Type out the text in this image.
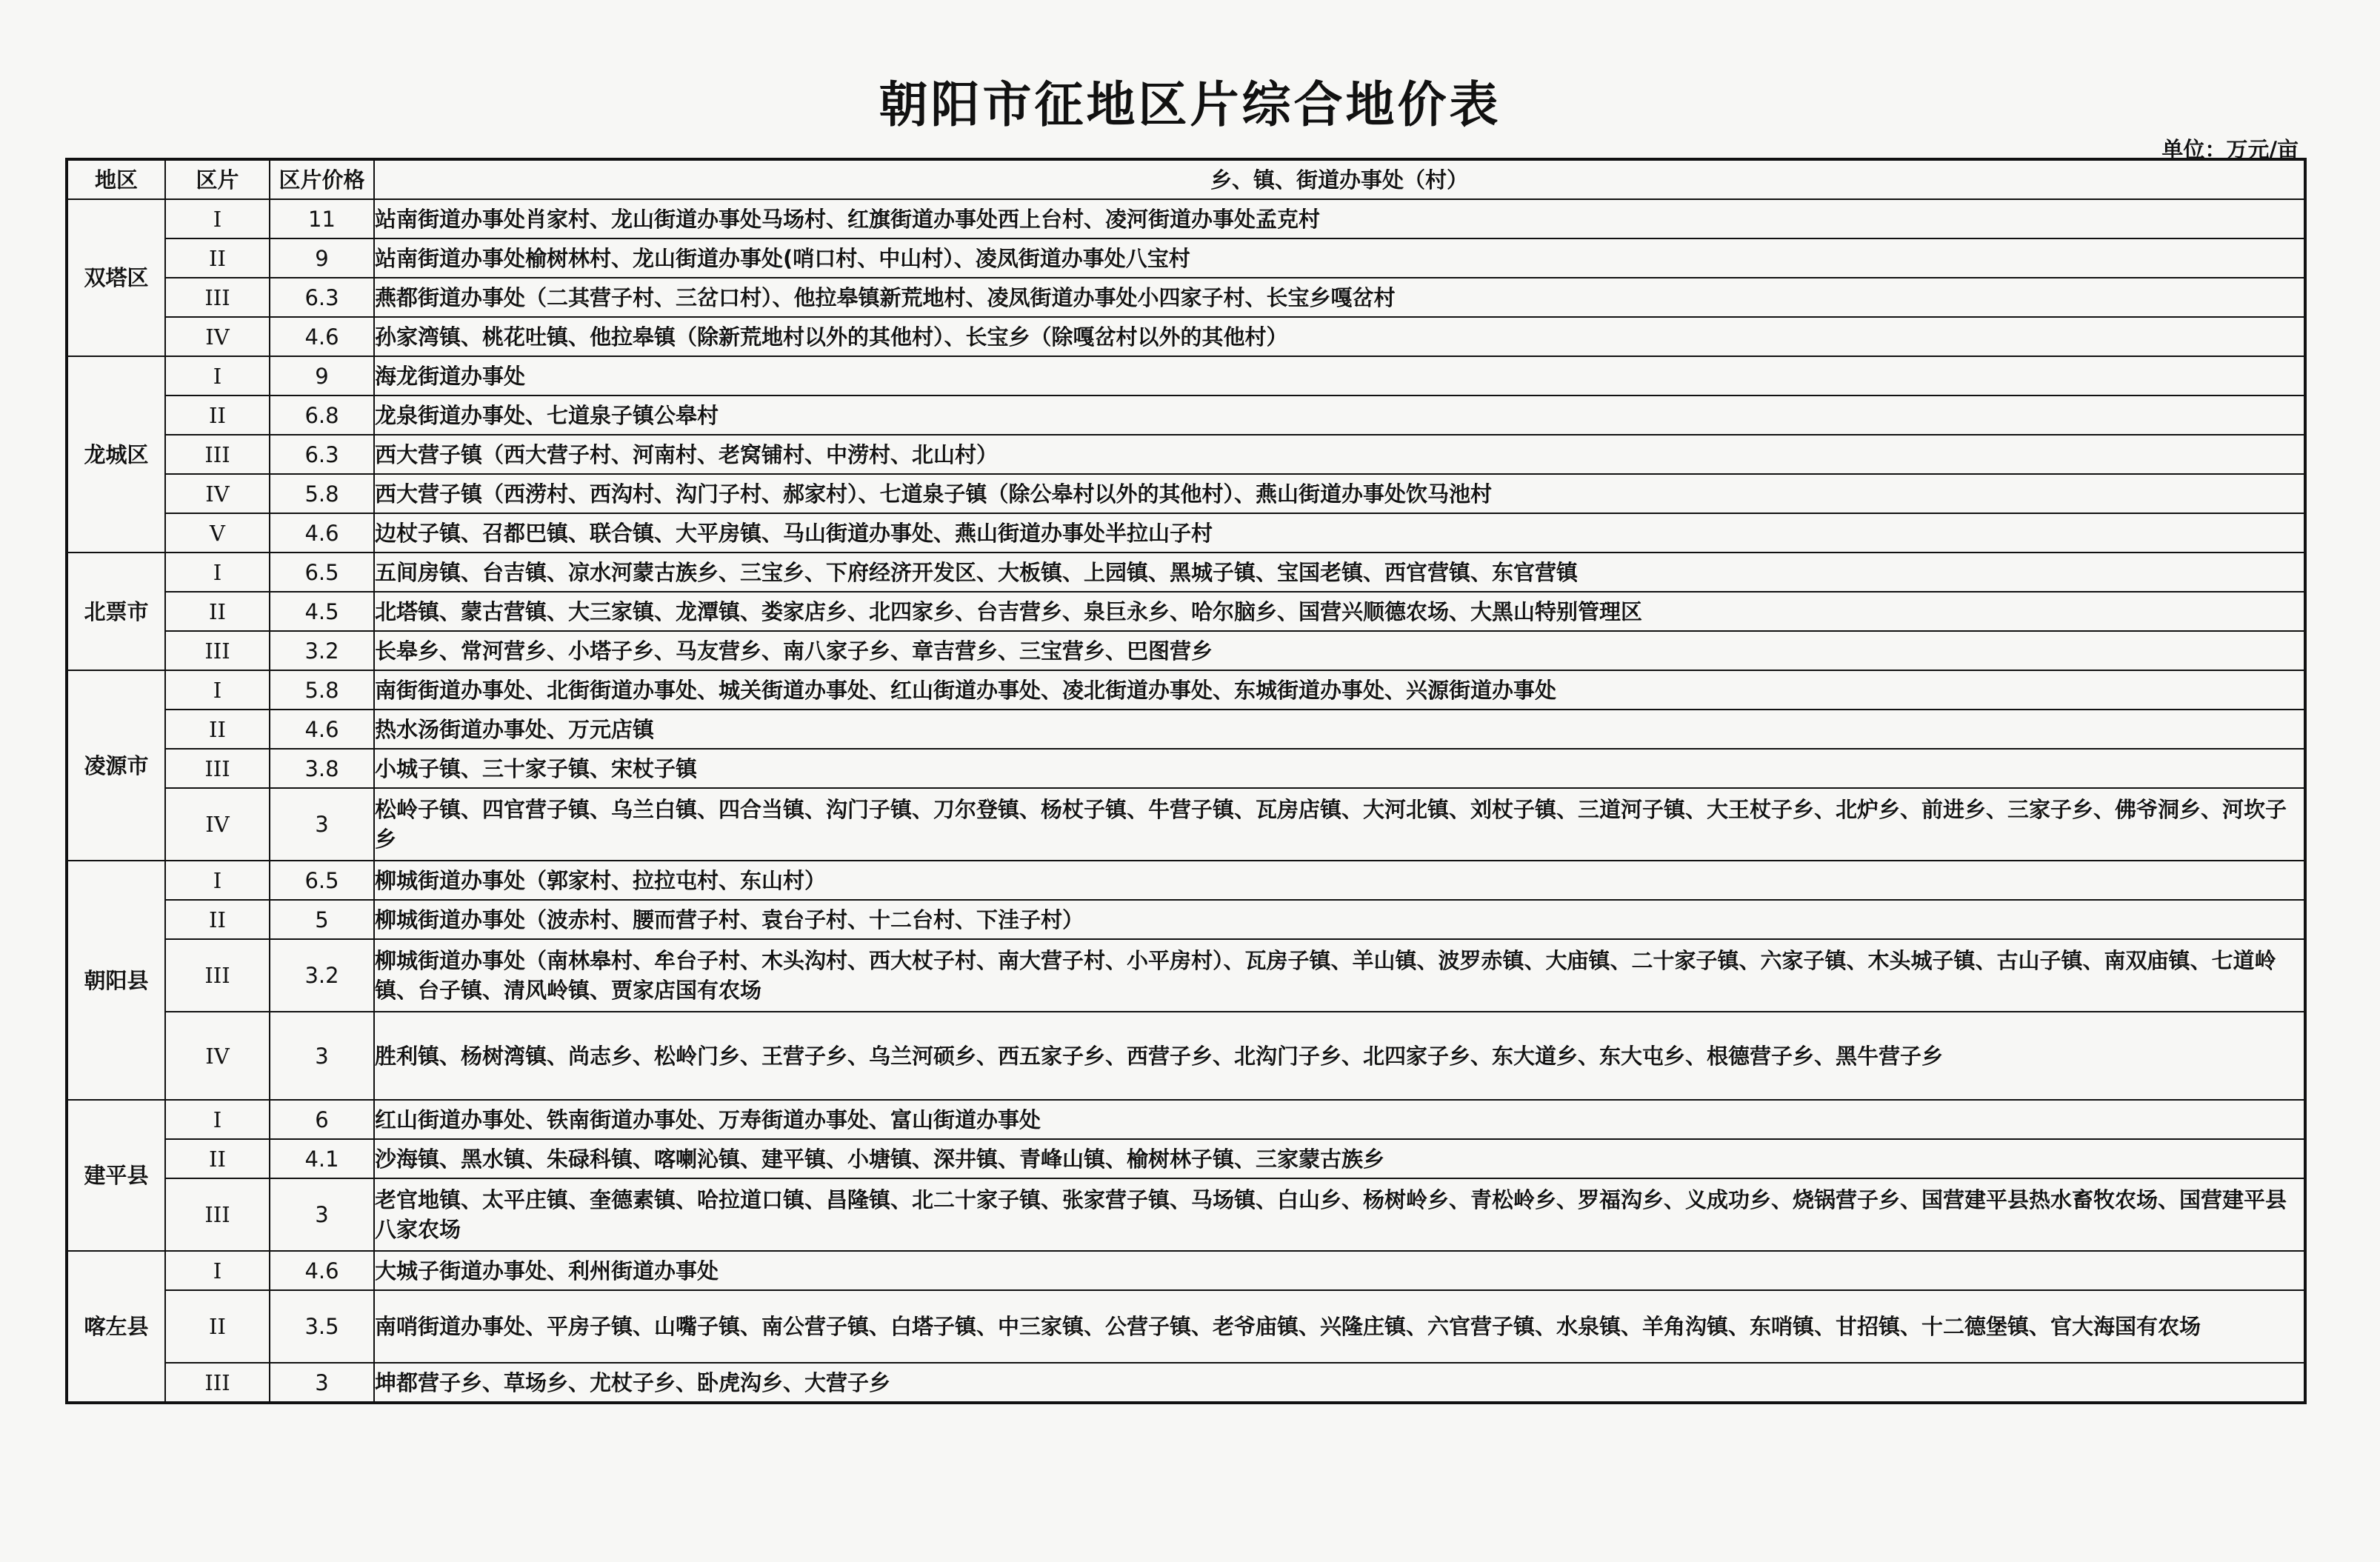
朝阳市征地区片综合地价表
单位：万元/亩
地区	区片	区片价格	乡、镇、街道办事处（村）
双塔区	I	11	站南街道办事处肖家村、龙山街道办事处马场村、红旗街道办事处西上台村、凌河街道办事处孟克村
	II	9	站南街道办事处榆树林村、龙山街道办事处(哨口村、中山村）、凌凤街道办事处八宝村
	III	6.3	燕都街道办事处（二其营子村、三岔口村）、他拉皋镇新荒地村、凌凤街道办事处小四家子村、长宝乡嘎岔村
	IV	4.6	孙家湾镇、桃花吐镇、他拉皋镇（除新荒地村以外的其他村）、长宝乡（除嘎岔村以外的其他村）
龙城区	I	9	海龙街道办事处
	II	6.8	龙泉街道办事处、七道泉子镇公皋村
	III	6.3	西大营子镇（西大营子村、河南村、老窝铺村、中涝村、北山村）
	IV	5.8	西大营子镇（西涝村、西沟村、沟门子村、郝家村）、七道泉子镇（除公皋村以外的其他村）、燕山街道办事处饮马池村
	V	4.6	边杖子镇、召都巴镇、联合镇、大平房镇、马山街道办事处、燕山街道办事处半拉山子村
北票市	I	6.5	五间房镇、台吉镇、凉水河蒙古族乡、三宝乡、下府经济开发区、大板镇、上园镇、黑城子镇、宝国老镇、西官营镇、东官营镇
	II	4.5	北塔镇、蒙古营镇、大三家镇、龙潭镇、娄家店乡、北四家乡、台吉营乡、泉巨永乡、哈尔脑乡、国营兴顺德农场、大黑山特别管理区
	III	3.2	长皋乡、常河营乡、小塔子乡、马友营乡、南八家子乡、章吉营乡、三宝营乡、巴图营乡
凌源市	I	5.8	南街街道办事处、北街街道办事处、城关街道办事处、红山街道办事处、凌北街道办事处、东城街道办事处、兴源街道办事处
	II	4.6	热水汤街道办事处、万元店镇
	III	3.8	小城子镇、三十家子镇、宋杖子镇
	IV	3	松岭子镇、四官营子镇、乌兰白镇、四合当镇、沟门子镇、刀尔登镇、杨杖子镇、牛营子镇、瓦房店镇、大河北镇、刘杖子镇、三道河子镇、大王杖子乡、北炉乡、前进乡、三家子乡、佛爷洞乡、河坎子乡
朝阳县	I	6.5	柳城街道办事处（郭家村、拉拉屯村、东山村）
	II	5	柳城街道办事处（波赤村、腰而营子村、袁台子村、十二台村、下洼子村）
	III	3.2	柳城街道办事处（南林皋村、牟台子村、木头沟村、西大杖子村、南大营子村、小平房村）、瓦房子镇、羊山镇、波罗赤镇、大庙镇、二十家子镇、六家子镇、木头城子镇、古山子镇、南双庙镇、七道岭镇、台子镇、清风岭镇、贾家店国有农场
	IV	3	胜利镇、杨树湾镇、尚志乡、松岭门乡、王营子乡、乌兰河硕乡、西五家子乡、西营子乡、北沟门子乡、北四家子乡、东大道乡、东大屯乡、根德营子乡、黑牛营子乡
建平县	I	6	红山街道办事处、铁南街道办事处、万寿街道办事处、富山街道办事处
	II	4.1	沙海镇、黑水镇、朱碌科镇、喀喇沁镇、建平镇、小塘镇、深井镇、青峰山镇、榆树林子镇、三家蒙古族乡
	III	3	老官地镇、太平庄镇、奎德素镇、哈拉道口镇、昌隆镇、北二十家子镇、张家营子镇、马场镇、白山乡、杨树岭乡、青松岭乡、罗福沟乡、义成功乡、烧锅营子乡、国营建平县热水畜牧农场、国营建平县八家农场
喀左县	I	4.6	大城子街道办事处、利州街道办事处
	II	3.5	南哨街道办事处、平房子镇、山嘴子镇、南公营子镇、白塔子镇、中三家镇、公营子镇、老爷庙镇、兴隆庄镇、六官营子镇、水泉镇、羊角沟镇、东哨镇、甘招镇、十二德堡镇、官大海国有农场
	III	3	坤都营子乡、草场乡、尤杖子乡、卧虎沟乡、大营子乡
